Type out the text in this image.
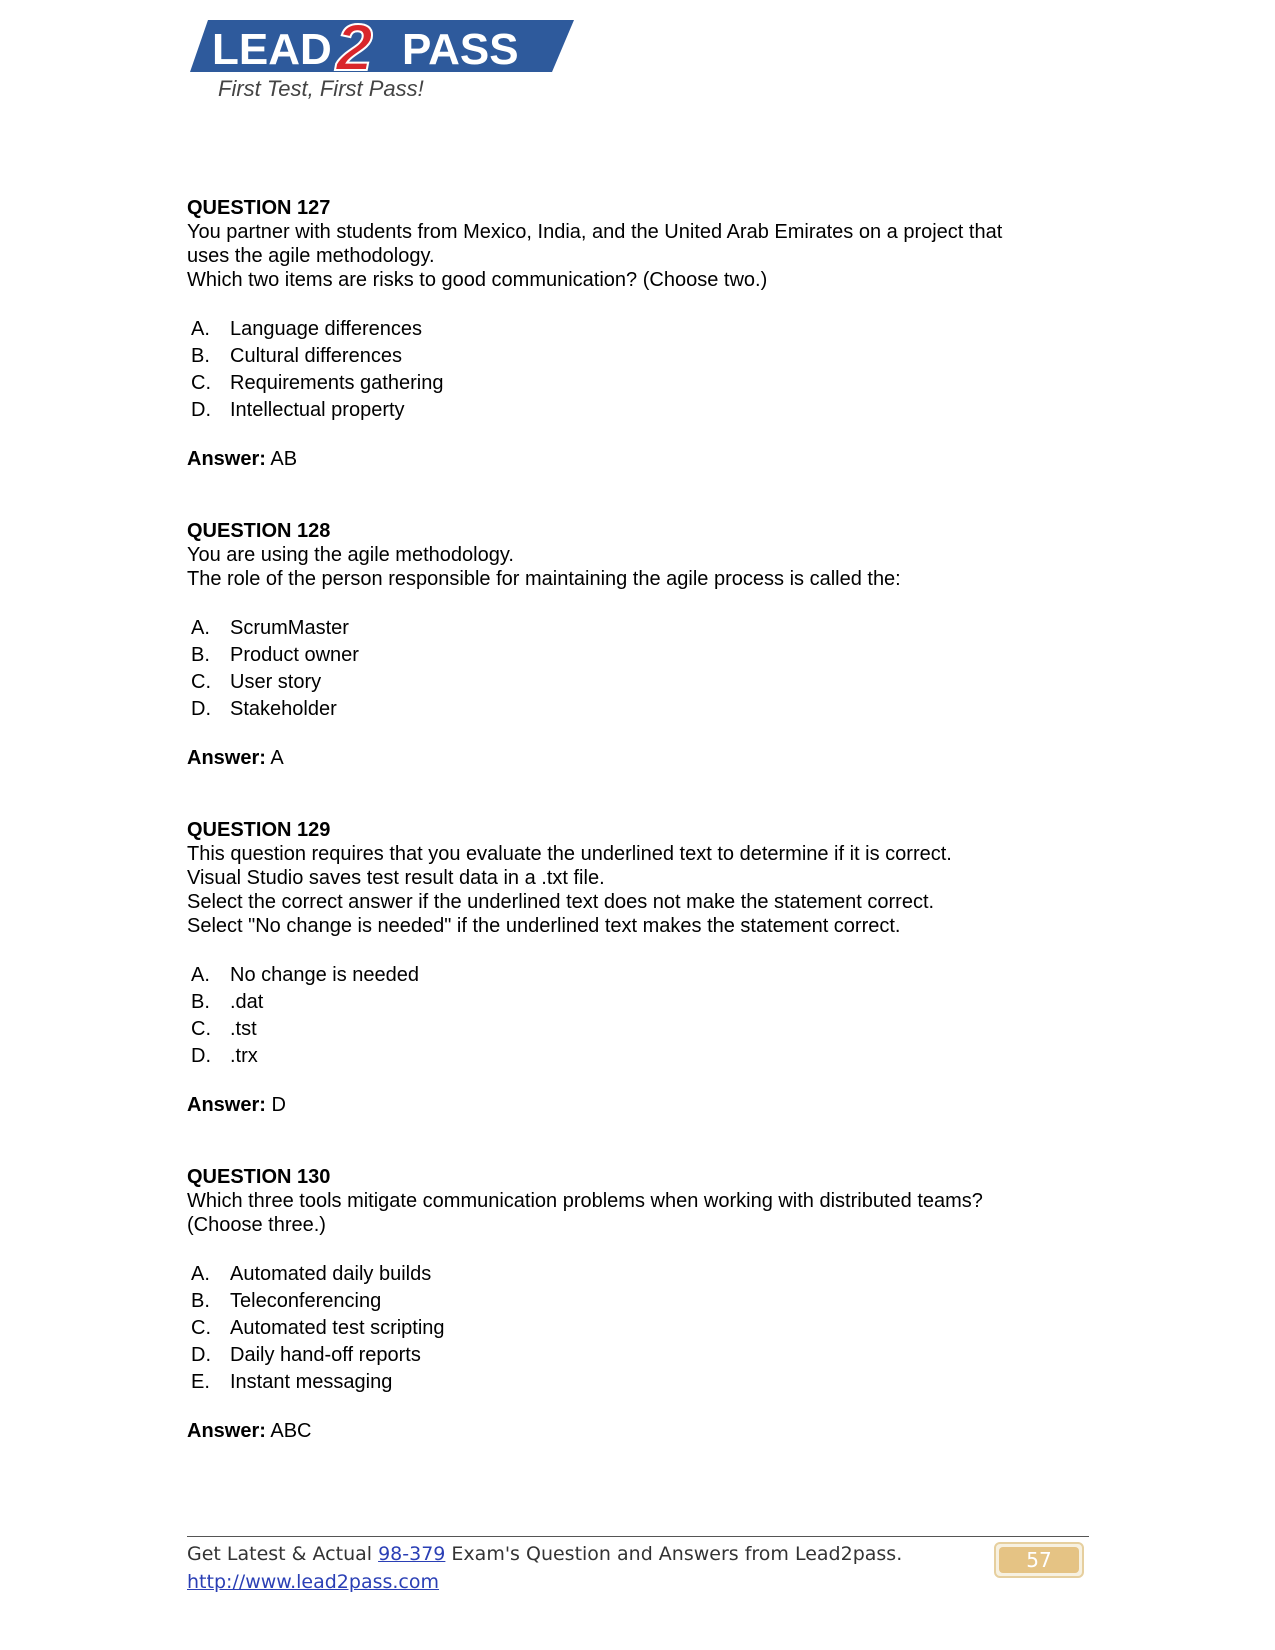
LEAD 2 PASS
First Test, First Pass!
QUESTION 127
You partner with students from Mexico, India, and the United Arab Emirates on a project that
uses the agile methodology.
Which two items are risks to good communication? (Choose two.)
A.	Language differences
B.	Cultural differences
C. Requirements gathering
D. Intellectual property
Answer: AB
QUESTION 128
You are using the agile methodology.
The role of the person responsible for maintaining the agile process is called the:
A.	ScrumMaster
B.	Product owner
C. User story
D. Stakeholder
Answer: A
QUESTION 129
This question requires that you evaluate the underlined text to determine if it is correct.
Visual Studio saves test result data in a .txt file.
Select the correct answer if the underlined text does not make the statement correct.
Select "No change is needed" if the underlined text makes the statement correct.
A.	No change is needed
B.	.dat
C. .tst
D. .trx
Answer: D
QUESTION 130
Which three tools mitigate communication problems when working with distributed teams?
(Choose three.)
A.	Automated daily builds
B.	Teleconferencing
C. Automated test scripting
D. Daily hand-off reports
E.	Instant messaging
Answer: ABC
Get Latest & Actual 98-379 Exam's Question and Answers from Lead2pass.
http://www.lead2pass.com
57
